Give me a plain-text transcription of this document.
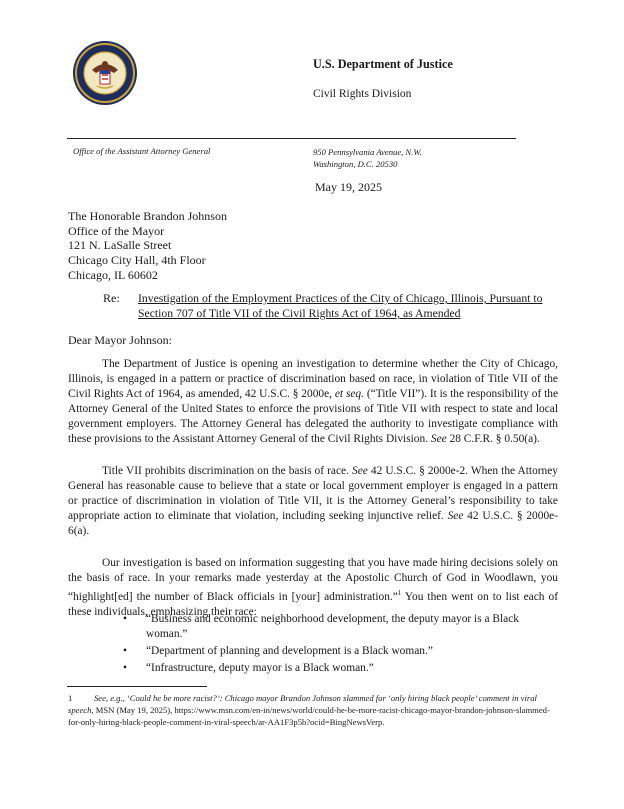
U.S. Department of Justice
Civil Rights Division
Office of the Assistant Attorney General	950 Pennsylvania Avenue, N.W.
Washington, D.C. 20530
May 19, 2025
The Honorable Brandon Johnson
Office of the Mayor
121 N. LaSalle Street
Chicago City Hall, 4th Floor
Chicago, IL 60602
Re: Investigation of the Employment Practices of the City of Chicago, Illinois, Pursuant to Section 707 of Title VII of the Civil Rights Act of 1964, as Amended
Dear Mayor Johnson:

The Department of Justice is opening an investigation to determine whether the City of Chicago, Illinois, is engaged in a pattern or practice of discrimination based on race, in violation of Title VII of the Civil Rights Act of 1964, as amended, 42 U.S.C. § 2000e, et seq. (“Title VII”). It is the responsibility of the Attorney General of the United States to enforce the provisions of Title VII with respect to state and local government employers. The Attorney General has delegated the authority to investigate compliance with these provisions to the Assistant Attorney General of the Civil Rights Division. See 28 C.F.R. § 0.50(a).

Title VII prohibits discrimination on the basis of race. See 42 U.S.C. § 2000e-2. When the Attorney General has reasonable cause to believe that a state or local government employer is engaged in a pattern or practice of discrimination in violation of Title VII, it is the Attorney General’s responsibility to take appropriate action to eliminate that violation, including seeking injunctive relief. See 42 U.S.C. § 2000e-6(a).

Our investigation is based on information suggesting that you have made hiring decisions solely on the basis of race. In your remarks made yesterday at the Apostolic Church of God in Woodlawn, you “highlight[ed] the number of Black officials in [your] administration.”$^1$ You then went on to list each of these individuals, emphasizing their race:

• “Business and economic neighborhood development, the deputy mayor is a Black woman.”
• “Department of planning and development is a Black woman.”
• “Infrastructure, deputy mayor is a Black woman.”
1	See, e.g., ‘Could he be more racist?’: Chicago mayor Brandon Johnson slammed for ‘only hiring black people’ comment in viral speech, MSN (May 19, 2025), https://www.msn.com/en-in/news/world/could-he-be-more-racist-chicago-mayor-brandon-johnson-slammed-for-only-hiring-black-people-comment-in-viral-speech/ar-AA1F3p5b?ocid=BingNewsVerp.
